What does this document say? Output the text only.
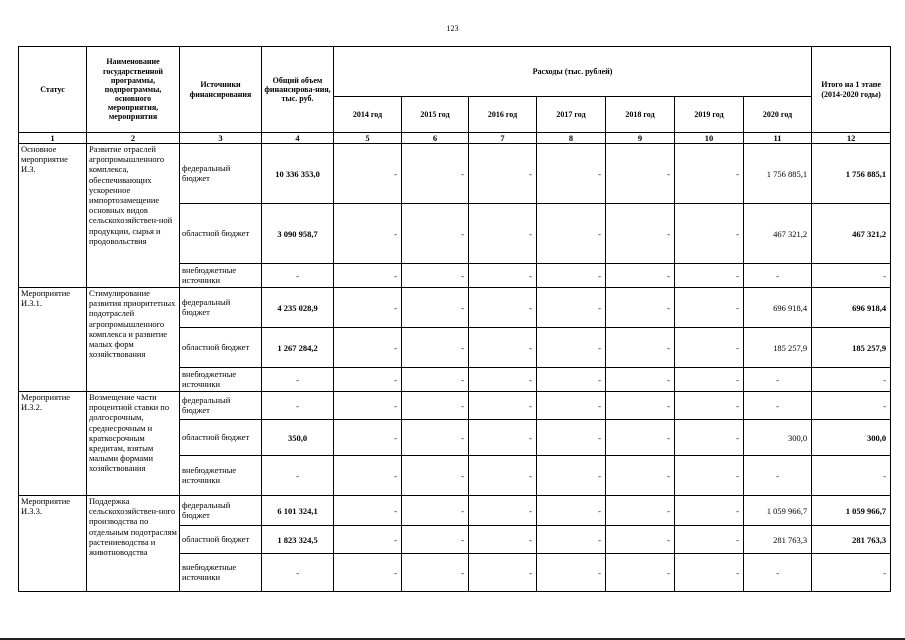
123
Статус	Наименование государственной программы, подпрограммы, основного мероприятия, мероприятия	Источники финансирования	Общий объем финансирова-ния, тыс. руб.	Расходы (тыс. рублей)							Итого на 1 этапе (2014-2020 годы)
				2014 год	2015 год	2016 год	2017 год	2018 год	2019 год	2020 год	
1	2	3	4	5	6	7	8	9	10	11	12
Основное мероприятие И.3.	Развитие отраслей агропромышленного комплекса, обеспечивающих ускоренное импортозамещение основных видов сельскохозяйствен-ной продукции, сырья и продовольствия	федеральный бюджет	10 336 353,0	-	-	-	-	-	-	1 756 885,1	1 756 885,1
		областной бюджет	3 090 958,7	-	-	-	-	-	-	467 321,2	467 321,2
		внебюджетные источники	-	-	-	-	-	-	-	-	-
Мероприятие И.3.1.	Стимулирование развития приоритетных подотраслей агропромышленного комплекса и развитие малых форм хозяйствования	федеральный бюджет	4 235 028,9	-	-	-	-	-	-	696 918,4	696 918,4
		областной бюджет	1 267 284,2	-	-	-	-	-	-	185 257,9	185 257,9
		внебюджетные источники	-	-	-	-	-	-	-	-	-
Мероприятие И.3.2.	Возмещение части процентной ставки по долгосрочным, среднесрочным и краткосрочным кредитам, взятым малыми формами хозяйствования	федеральный бюджет	-	-	-	-	-	-	-	-	-
		областной бюджет	350,0	-	-	-	-	-	-	300,0	300,0
		внебюджетные источники	-	-	-	-	-	-	-	-	-
Мероприятие И.3.3.	Поддержка сельскохозяйствен-ного производства по отдельным подотраслям растениеводства и животноводства	федеральный бюджет	6 101 324,1	-	-	-	-	-	-	1 059 966,7	1 059 966,7
		областной бюджет	1 823 324,5	-	-	-	-	-	-	281 763,3	281 763,3
		внебюджетные источники	-	-	-	-	-	-	-	-	-
